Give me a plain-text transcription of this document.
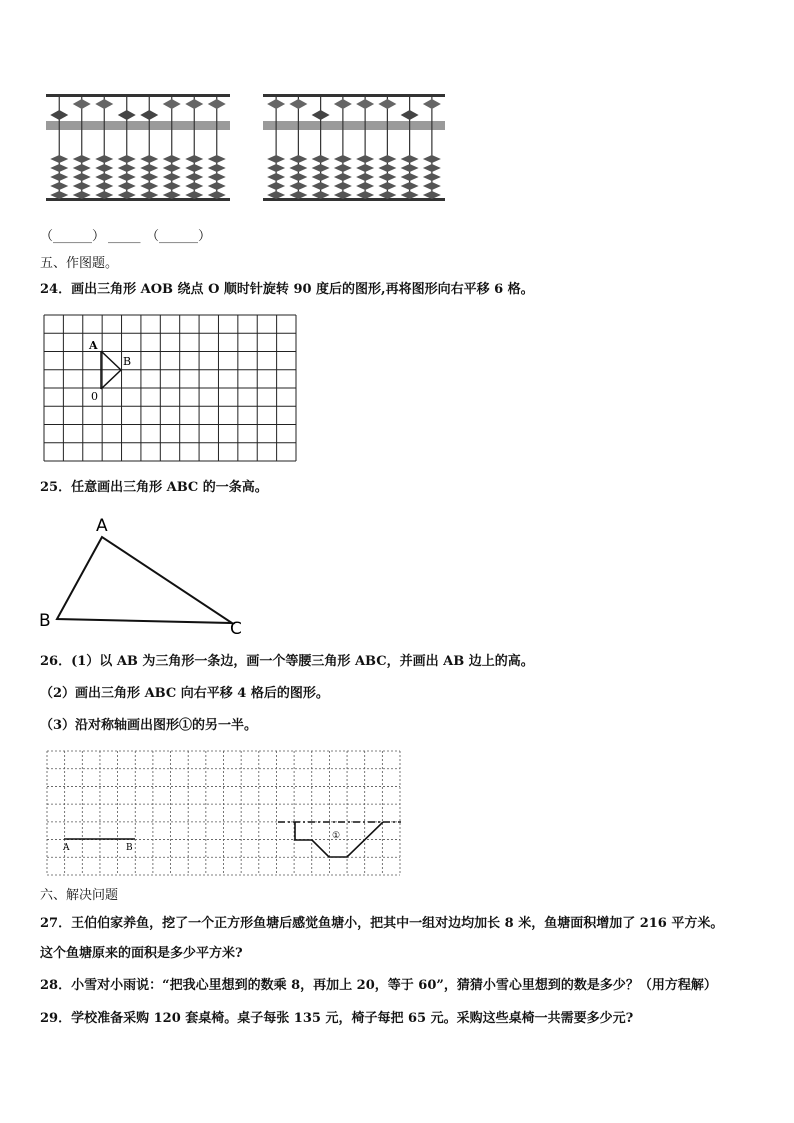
（______） _____ （______）
五、作图题。
24．画出三角形 AOB 绕点 O 顺时针旋转 90 度后的图形,再将图形向右平移 6 格。
A
B
0
25．任意画出三角形 ABC 的一条高。
A
B	C
26．(1）以 AB 为三角形一条边，画一个等腰三角形 ABC，并画出 AB 边上的高。
（2）画出三角形 ABC 向右平移 4 格后的图形。
（3）沿对称轴画出图形①的另一半。
A	B
①
六、解决问题
27．王伯伯家养鱼，挖了一个正方形鱼塘后感觉鱼塘小，把其中一组对边均加长 8 米，鱼塘面积增加了 216 平方米。
这个鱼塘原来的面积是多少平方米?
28．小雪对小雨说：“把我心里想到的数乘 8，再加上 20，等于 60”，猜猜小雪心里想到的数是多少？（用方程解）
29．学校准备采购 120 套桌椅。桌子每张 135 元，椅子每把 65 元。采购这些桌椅一共需要多少元?
